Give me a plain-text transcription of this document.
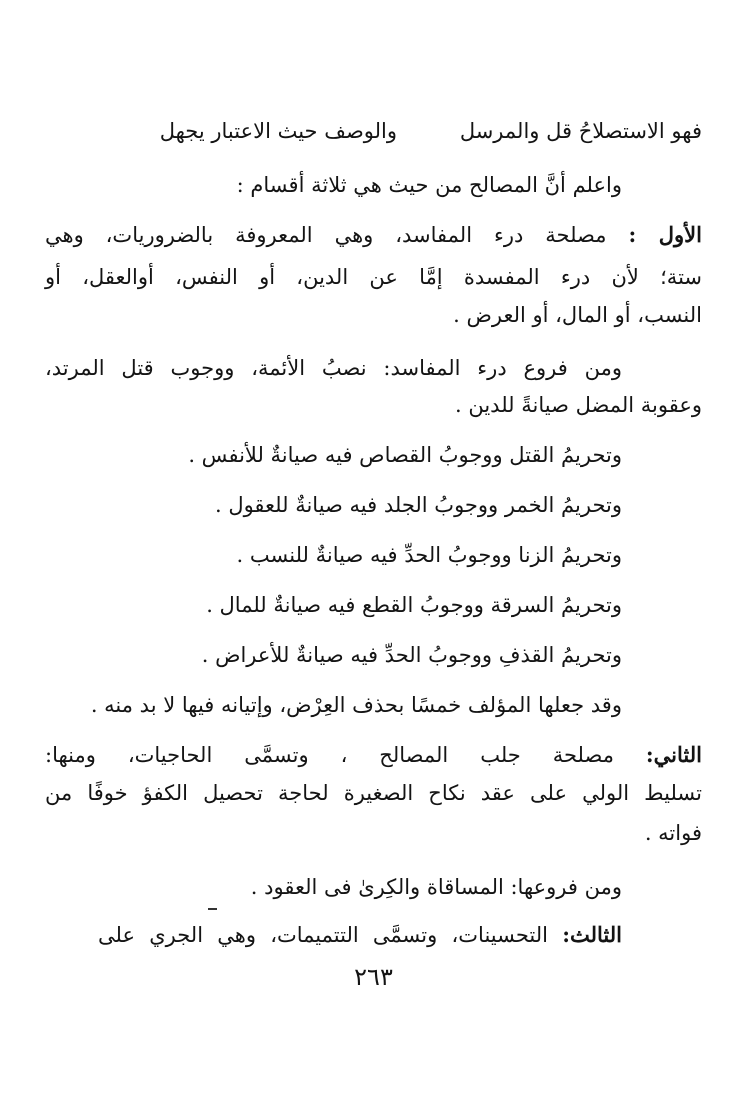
والوصف حيث الاعتبار يجهل	فهو الاستصلاحُ قل والمرسل
واعلم أنَّ المصالح من حيث هي ثلاثة أقسام :
الأول : مصلحة درء المفاسد، وهي المعروفة بالضروريات، وهي
ستة؛ لأن درء المفسدة إمَّا عن الدين، أو النفس، أوالعقل، أو
النسب، أو المال، أو العرض .
ومن فروع درء المفاسد: نصبُ الأئمة، ووجوب قتل المرتد،
وعقوبة المضل صيانةً للدين .
وتحريمُ القتل ووجوبُ القصاص فيه صيانةٌ للأنفس .
وتحريمُ الخمر ووجوبُ الجلد فيه صيانةٌ للعقول .
وتحريمُ الزنا ووجوبُ الحدِّ فيه صيانةٌ للنسب .
وتحريمُ السرقة ووجوبُ القطع فيه صيانةٌ للمال .
وتحريمُ القذفِ ووجوبُ الحدِّ فيه صيانةٌ للأعراض .
وقد جعلها المؤلف خمسًا بحذف العِرْض، وإتيانه فيها لا بد منه .
الثاني: مصلحة جلب المصالح ، وتسمَّى الحاجيات، ومنها:
تسليط الولي على عقد نكاح الصغيرة لحاجة تحصيل الكفؤ خوفًا من
فواته .
ومن فروعها: المساقاة والكِرىٰ فى العقود .
الثالث: التحسينات، وتسمَّى التتميمات، وهي الجري على
٢٦٣
